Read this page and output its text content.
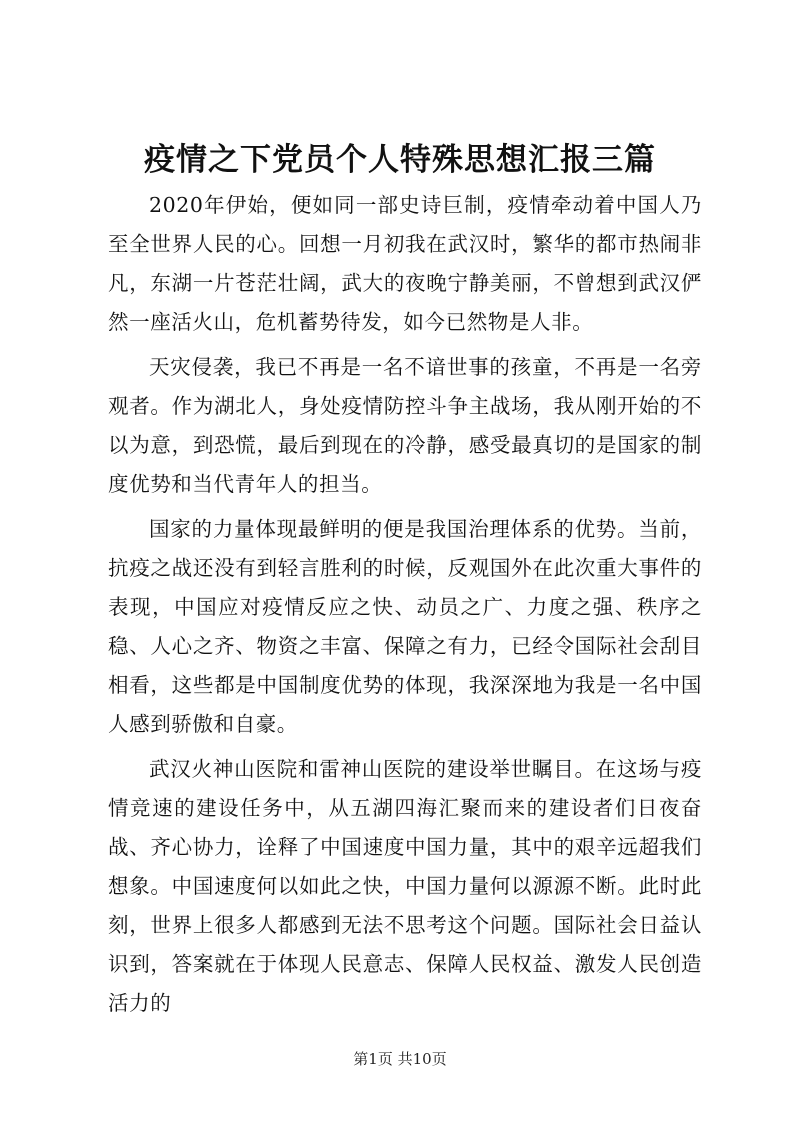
疫情之下党员个人特殊思想汇报三篇

2020年伊始，便如同一部史诗巨制，疫情牵动着中国人乃至全世界人民的心。回想一月初我在武汉时，繁华的都市热闹非凡，东湖一片苍茫壮阔，武大的夜晚宁静美丽，不曾想到武汉俨然一座活火山，危机蓄势待发，如今已然物是人非。

天灾侵袭，我已不再是一名不谙世事的孩童，不再是一名旁观者。作为湖北人，身处疫情防控斗争主战场，我从刚开始的不以为意，到恐慌，最后到现在的冷静，感受最真切的是国家的制度优势和当代青年人的担当。

国家的力量体现最鲜明的便是我国治理体系的优势。当前，抗疫之战还没有到轻言胜利的时候，反观国外在此次重大事件的表现，中国应对疫情反应之快、动员之广、力度之强、秩序之稳、人心之齐、物资之丰富、保障之有力，已经令国际社会刮目相看，这些都是中国制度优势的体现，我深深地为我是一名中国人感到骄傲和自豪。

武汉火神山医院和雷神山医院的建设举世瞩目。在这场与疫情竞速的建设任务中，从五湖四海汇聚而来的建设者们日夜奋战、齐心协力，诠释了中国速度中国力量，其中的艰辛远超我们想象。中国速度何以如此之快，中国力量何以源源不断。此时此刻，世界上很多人都感到无法不思考这个问题。国际社会日益认识到，答案就在于体现人民意志、保障人民权益、激发人民创造活力的

第1页 共10页
